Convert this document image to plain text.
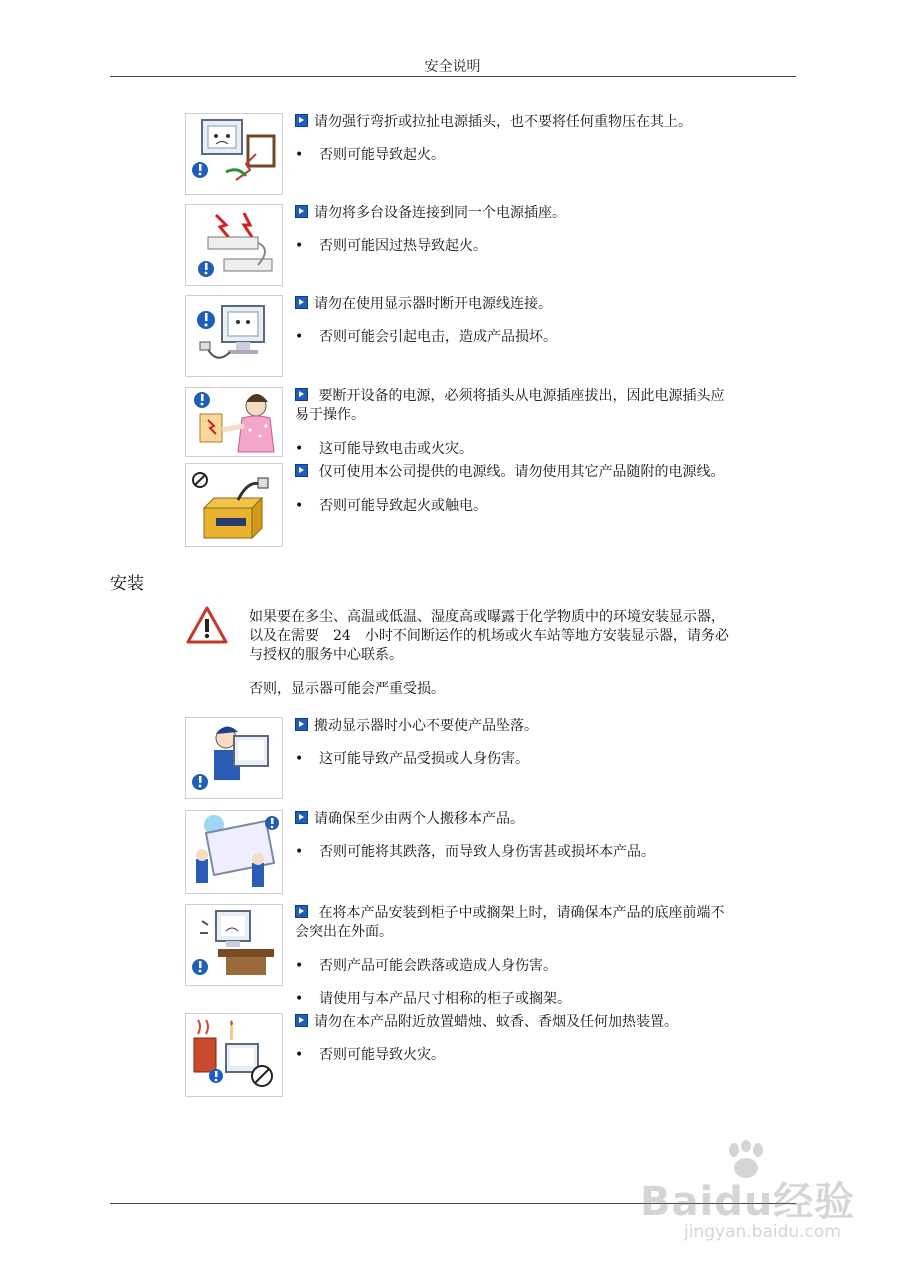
安全说明

请勿强行弯折或拉扯电源插头，也不要将任何重物压在其上。

• 否则可能导致起火。

请勿将多台设备连接到同一个电源插座。

• 否则可能因过热导致起火。

请勿在使用显示器时断开电源线连接。

• 否则可能会引起电击，造成产品损坏。

要断开设备的电源，必须将插头从电源插座拔出，因此电源插头应易于操作。

• 这可能导致电击或火灾。

仅可使用本公司提供的电源线。请勿使用其它产品随附的电源线。

• 否则可能导致起火或触电。

安装

如果要在多尘、高温或低温、湿度高或曝露于化学物质中的环境安装显示器，以及在需要　24　小时不间断运作的机场或火车站等地方安装显示器，请务必与授权的服务中心联系。

否则，显示器可能会严重受损。

搬动显示器时小心不要使产品坠落。

• 这可能导致产品受损或人身伤害。

请确保至少由两个人搬移本产品。

• 否则可能将其跌落，而导致人身伤害甚或损坏本产品。

在将本产品安装到柜子中或搁架上时，请确保本产品的底座前端不会突出在外面。

• 否则产品可能会跌落或造成人身伤害。

• 请使用与本产品尺寸相称的柜子或搁架。

请勿在本产品附近放置蜡烛、蚊香、香烟及任何加热装置。

• 否则可能导致火灾。

Baidu经验
jingyan.baidu.com
